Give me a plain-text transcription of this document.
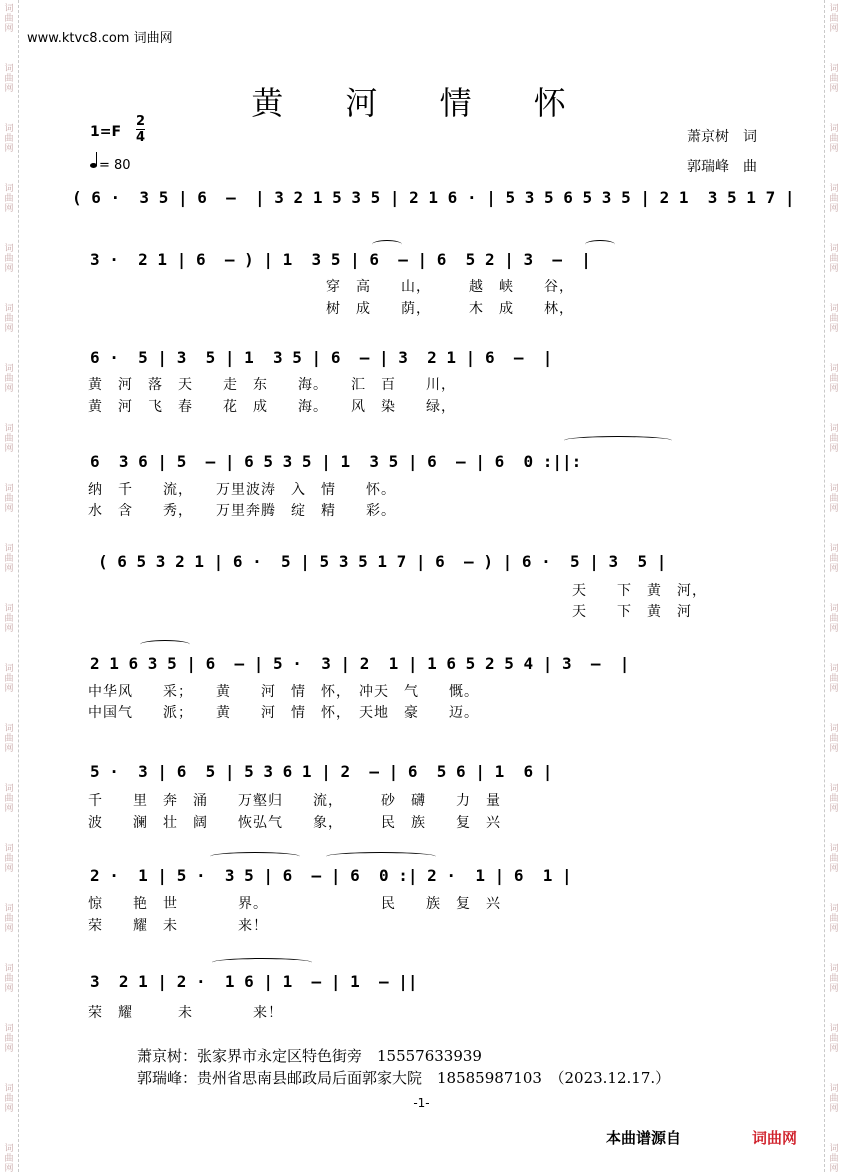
词
曲
网
词
曲
网
词
曲
网
词
曲
网
词
曲
网
词
曲
网
词
曲
网
词
曲
网
词
曲
网
词
曲
网
词
曲
网
词
曲
网
词
曲
网
词
曲
网
词
曲
网
词
曲
网
词
曲
网
词
曲
网
词
曲
网
词
曲
网
词
曲
网
词
曲
网
词
曲
网
词
曲
网
词
曲
网
词
曲
网
词
曲
网
词
曲
网
词
曲
网
词
曲
网
词
曲
网
词
曲
网
词
曲
网
词
曲
网
词
曲
网
词
曲
网
词
曲
网
词
曲
网
词
曲
网
词
曲
网
www.ktvc8.com 词曲网
黄 河 情 怀
$1=F \frac{2}{4}$
= 80
萧京树　词
郭瑞峰　曲
( 6 ·  3 5 | 6  —  | 3 2 1 5 3 5 | 2 1 6 · | 5 3 5 6 5 3 5 | 2 1  3 5 1 7 |
3 ·  2 1 | 6  — ) | 1  3 5 | 6  — | 6  5 2 | 3  —  |
6 ·  5 | 3  5 | 1  3 5 | 6  — | 3  2 1 | 6  —  |
6  3 6 | 5  — | 6 5 3 5 | 1  3 5 | 6  — | 6  0 :||:
( 6 5 3 2 1 | 6 ·  5 | 5 3 5 1 7 | 6  — ) | 6 ·  5 | 3  5 |
2 1 6 3 5 | 6  — | 5 ·  3 | 2  1 | 1 6 5 2 5 4 | 3  —  |
5 ·  3 | 6  5 | 5 3 6 1 | 2  — | 6  5 6 | 1  6 |
2 ·  1 | 5 ·  3 5 | 6  — | 6  0 :| 2 ·  1 | 6  1 |
3  2 1 | 2 ·  1 6 | 1  — | 1  — ||
穿　高　　山，　　　越　峡　　谷，
树　成　　荫，　　　木　成　　林，
黄　河　落　天　　走　东　　海。　　汇　百　　川，
黄　河　飞　春　　花　成　　海。　　风　染　　绿，
纳　千　　流，　　万里波涛　入　情　　怀。
水　含　　秀，　　万里奔腾　绽　精　　彩。
天　　下　黄　河，
天　　下　黄　河
中华风　　采；　　黄　　河　情　怀，　冲天　气　　慨。
中国气　　派；　　黄　　河　情　怀，　天地　豪　　迈。
千　　里　奔　涌　　万壑归　　流，　　　砂　礴　　力　量
波　　澜　壮　阔　　恢弘气　　象，　　　民　族　　复　兴
惊　　艳　世　　　　界。　　　　　　　　民　　族　复　兴
荣　　耀　未　　　　来！
荣　耀　　　未　　　　来！
萧京树：张家界市永定区特色街旁　15557633939
郭瑞峰：贵州省思南县邮政局后面郭家大院　18585987103　（2023.12.17.）
-1-
本曲谱源自	词曲网
